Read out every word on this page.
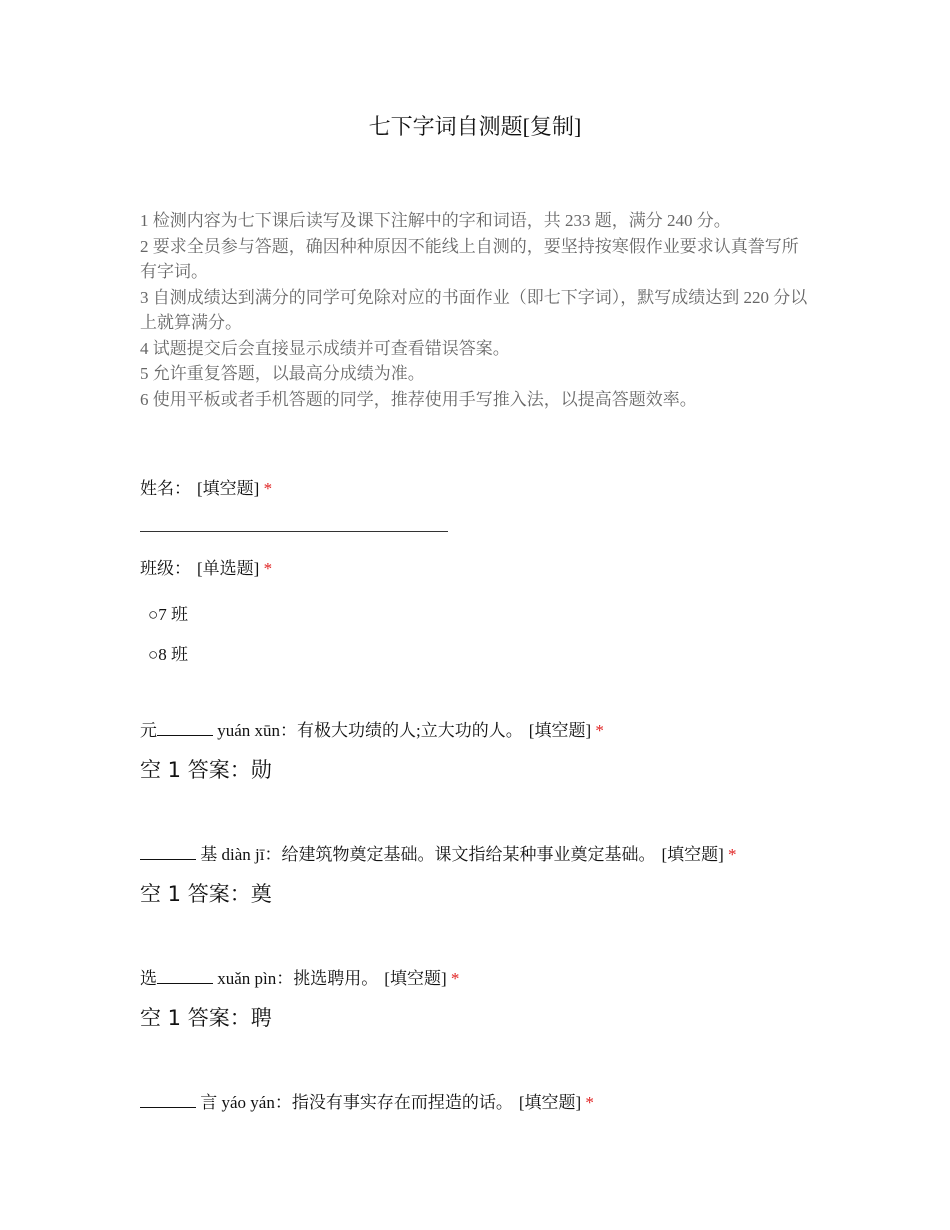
七下字词自测题[复制]

1 检测内容为七下课后读写及课下注解中的字和词语，共 233 题，满分 240 分。

2 要求全员参与答题，确因种种原因不能线上自测的，要坚持按寒假作业要求认真誊写所有字词。

3 自测成绩达到满分的同学可免除对应的书面作业（即七下字词），默写成绩达到 220 分以上就算满分。

4 试题提交后会直接显示成绩并可查看错误答案。

5 允许重复答题，以最高分成绩为准。

6 使用平板或者手机答题的同学，推荐使用手写推入法，以提高答题效率。

姓名： [填空题] *
班级： [单选题] *
○7 班
○8 班
元	yuán xūn：有极大功绩的人;立大功的人。 [填空题] *
空 1 答案：勋
基 diàn jī：给建筑物奠定基础。课文指给某种事业奠定基础。 [填空题] *
空 1 答案：奠
选	xuǎn pìn：挑选聘用。 [填空题] *
空 1 答案：聘
言 yáo yán：指没有事实存在而捏造的话。 [填空题] *
